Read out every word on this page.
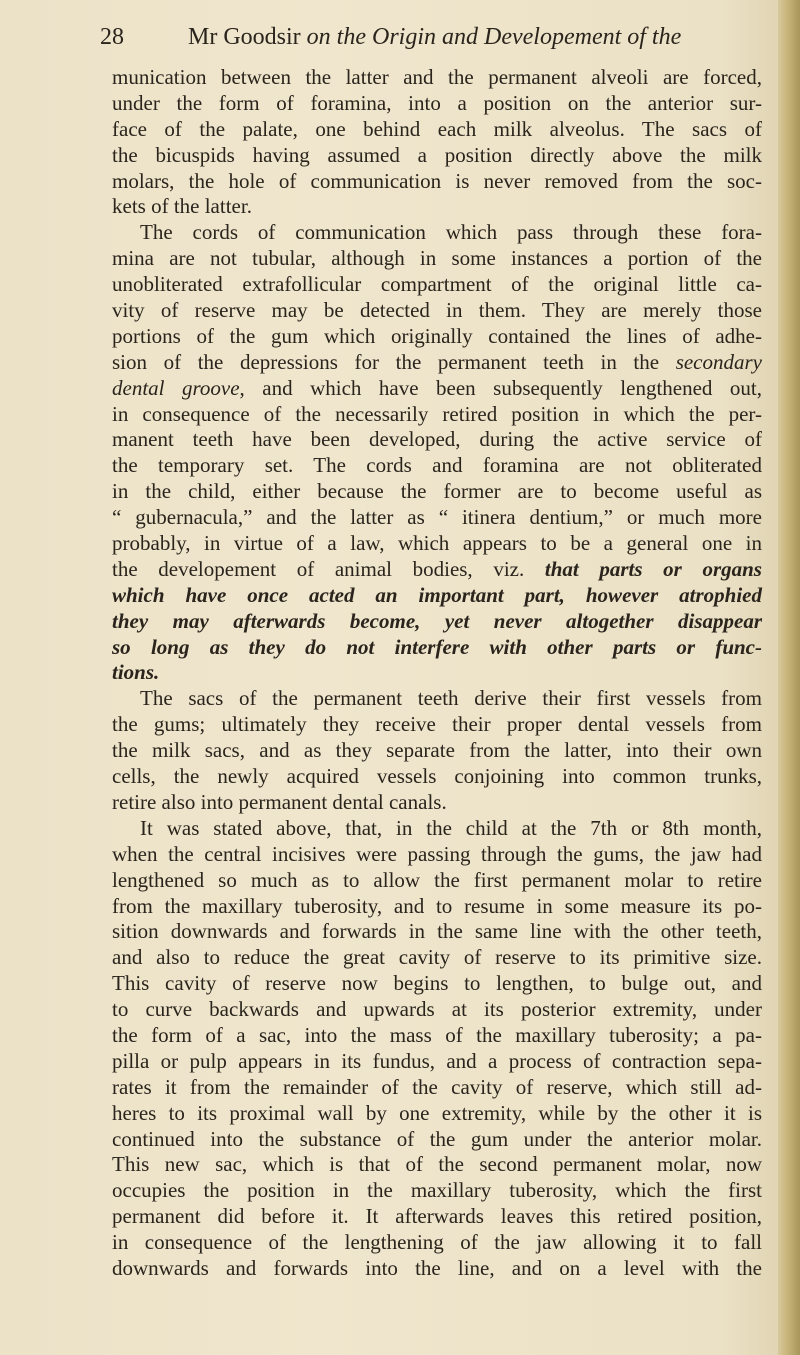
28	Mr Goodsir on the Origin and Developement of the
munication between the latter and the permanent alveoli are forced,
under the form of foramina, into a position on the anterior sur-
face of the palate, one behind each milk alveolus. The sacs of
the bicuspids having assumed a position directly above the milk
molars, the hole of communication is never removed from the soc-
kets of the latter.
The cords of communication which pass through these fora-
mina are not tubular, although in some instances a portion of the
unobliterated extrafollicular compartment of the original little ca-
vity of reserve may be detected in them. They are merely those
portions of the gum which originally contained the lines of adhe-
sion of the depressions for the permanent teeth in the secondary
dental groove, and which have been subsequently lengthened out,
in consequence of the necessarily retired position in which the per-
manent teeth have been developed, during the active service of
the temporary set. The cords and foramina are not obliterated
in the child, either because the former are to become useful as
“ gubernacula,” and the latter as “ itinera dentium,” or much more
probably, in virtue of a law, which appears to be a general one in
the developement of animal bodies, viz. that parts or organs
which have once acted an important part, however atrophied
they may afterwards become, yet never altogether disappear
so long as they do not interfere with other parts or func-
tions.
The sacs of the permanent teeth derive their first vessels from
the gums; ultimately they receive their proper dental vessels from
the milk sacs, and as they separate from the latter, into their own
cells, the newly acquired vessels conjoining into common trunks,
retire also into permanent dental canals.
It was stated above, that, in the child at the 7th or 8th month,
when the central incisives were passing through the gums, the jaw had
lengthened so much as to allow the first permanent molar to retire
from the maxillary tuberosity, and to resume in some measure its po-
sition downwards and forwards in the same line with the other teeth,
and also to reduce the great cavity of reserve to its primitive size.
This cavity of reserve now begins to lengthen, to bulge out, and
to curve backwards and upwards at its posterior extremity, under
the form of a sac, into the mass of the maxillary tuberosity; a pa-
pilla or pulp appears in its fundus, and a process of contraction sepa-
rates it from the remainder of the cavity of reserve, which still ad-
heres to its proximal wall by one extremity, while by the other it is
continued into the substance of the gum under the anterior molar.
This new sac, which is that of the second permanent molar, now
occupies the position in the maxillary tuberosity, which the first
permanent did before it. It afterwards leaves this retired position,
in consequence of the lengthening of the jaw allowing it to fall
downwards and forwards into the line, and on a level with the
